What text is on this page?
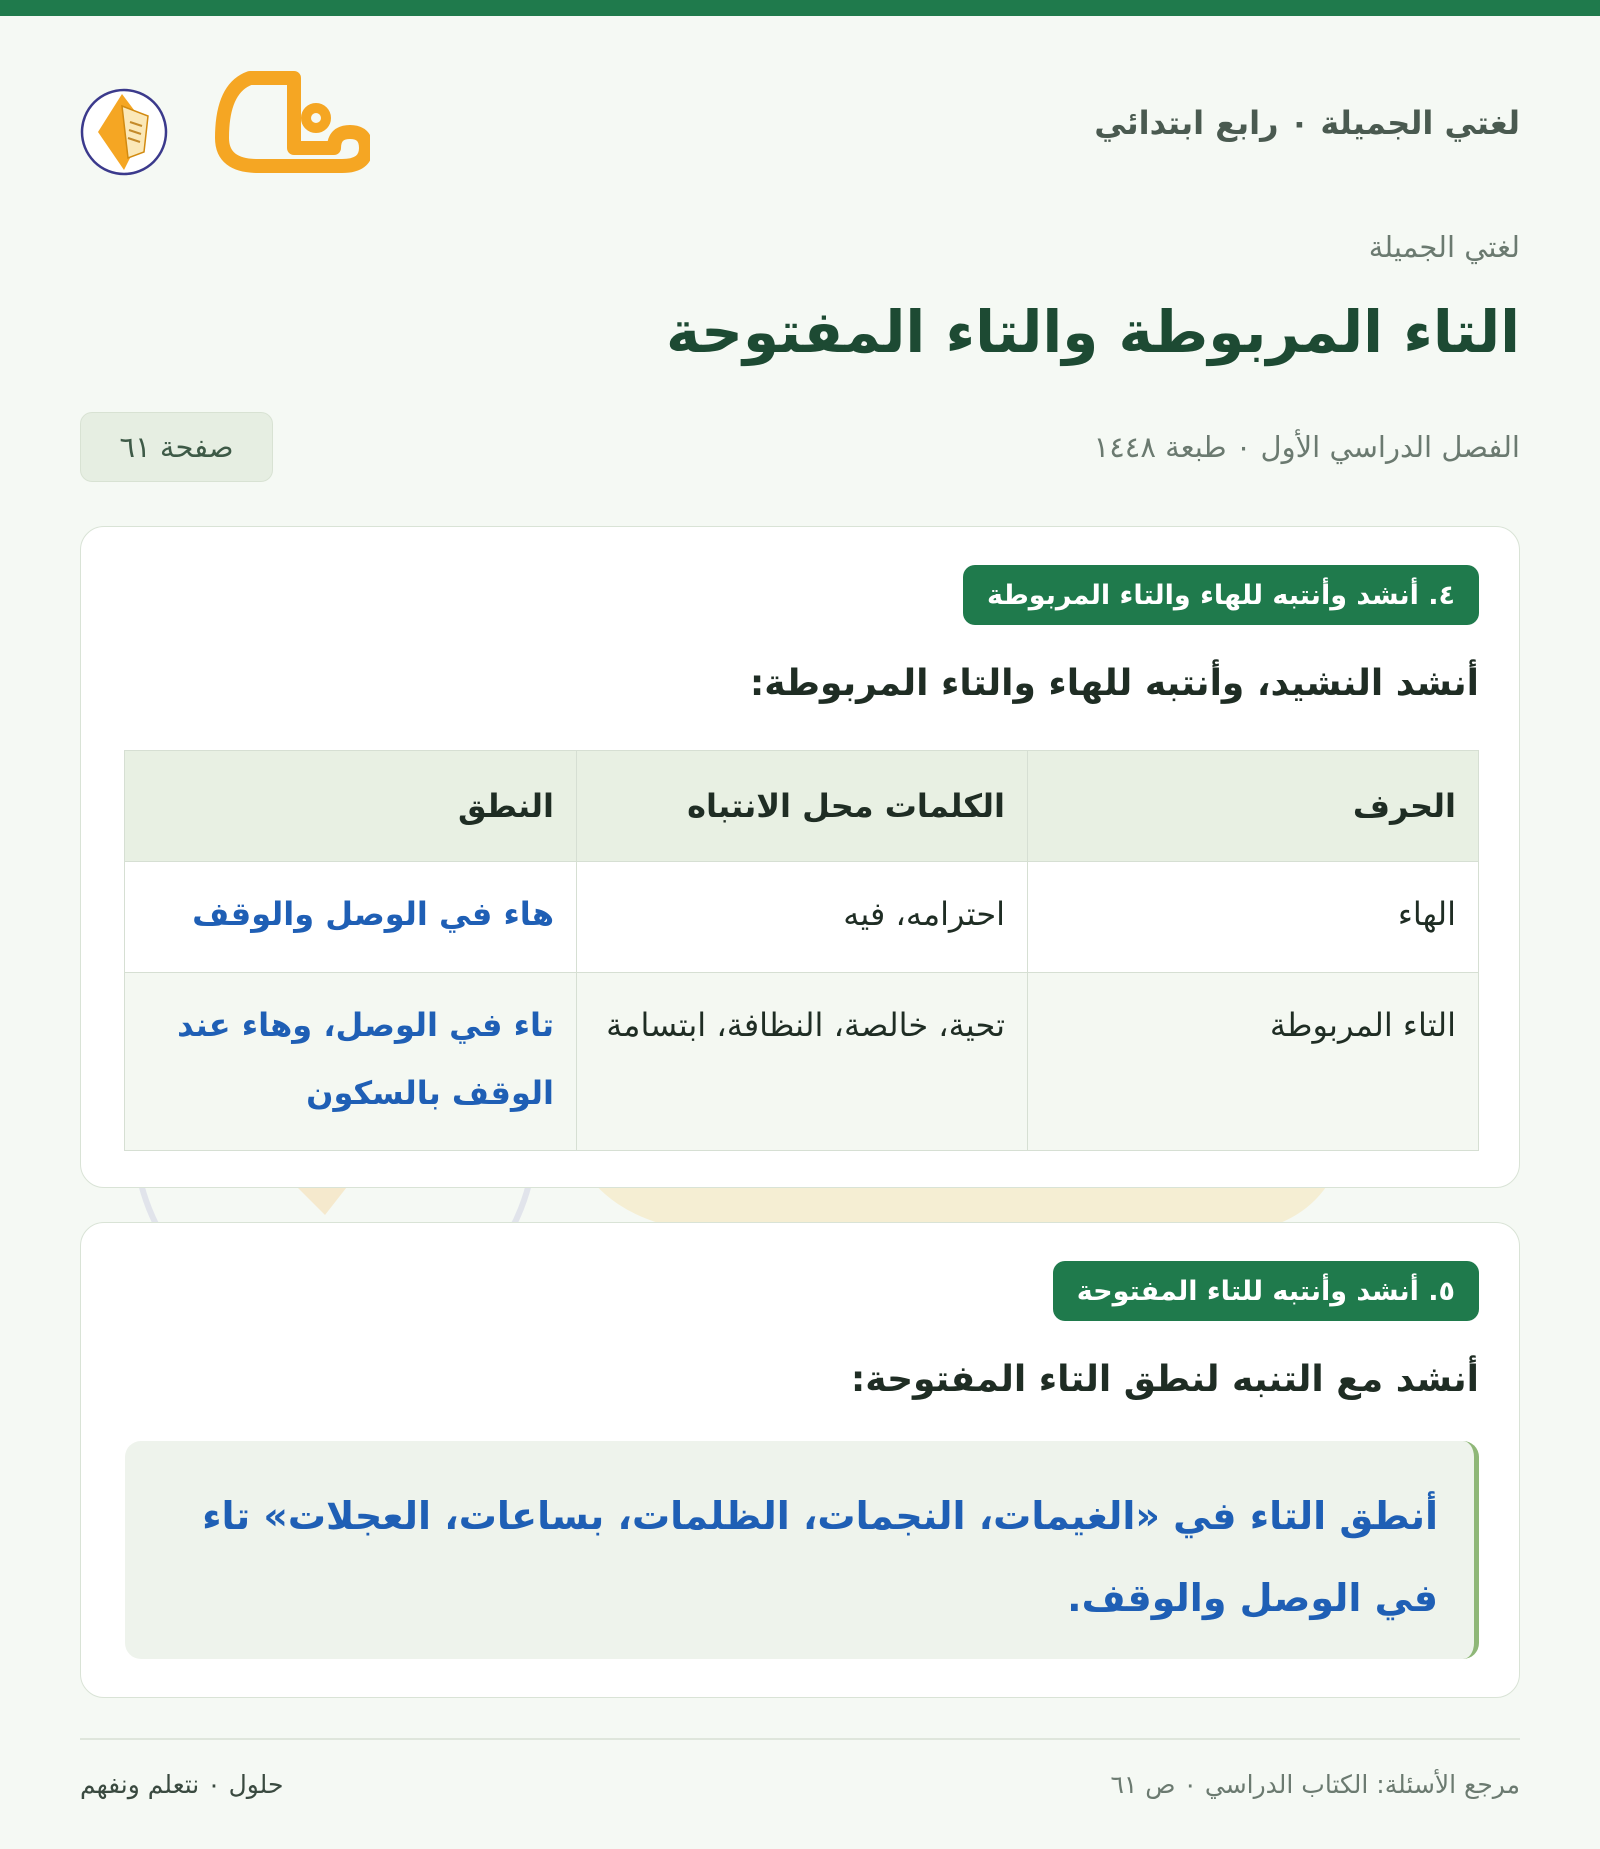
لغتي الجميلة ٠ رابع ابتدائي
لغتي الجميلة
التاء المربوطة والتاء المفتوحة
الفصل الدراسي الأول ٠ طبعة ١٤٤٨
صفحة ٦١
٤. أنشد وأنتبه للهاء والتاء المربوطة
أنشد النشيد، وأنتبه للهاء والتاء المربوطة:
الحرف	الكلمات محل الانتباه	النطق
الهاء	احترامه، فيه	هاء في الوصل والوقف
التاء المربوطة	تحية، خالصة، النظافة، ابتسامة	تاء في الوصل، وهاء عند الوقف بالسكون
٥. أنشد وأنتبه للتاء المفتوحة
أنشد مع التنبه لنطق التاء المفتوحة:
أنطق التاء في «الغيمات، النجمات، الظلمات، بساعات، العجلات» تاء في الوصل والوقف.
مرجع الأسئلة: الكتاب الدراسي ٠ ص ٦١
حلول ٠ نتعلم ونفهم
